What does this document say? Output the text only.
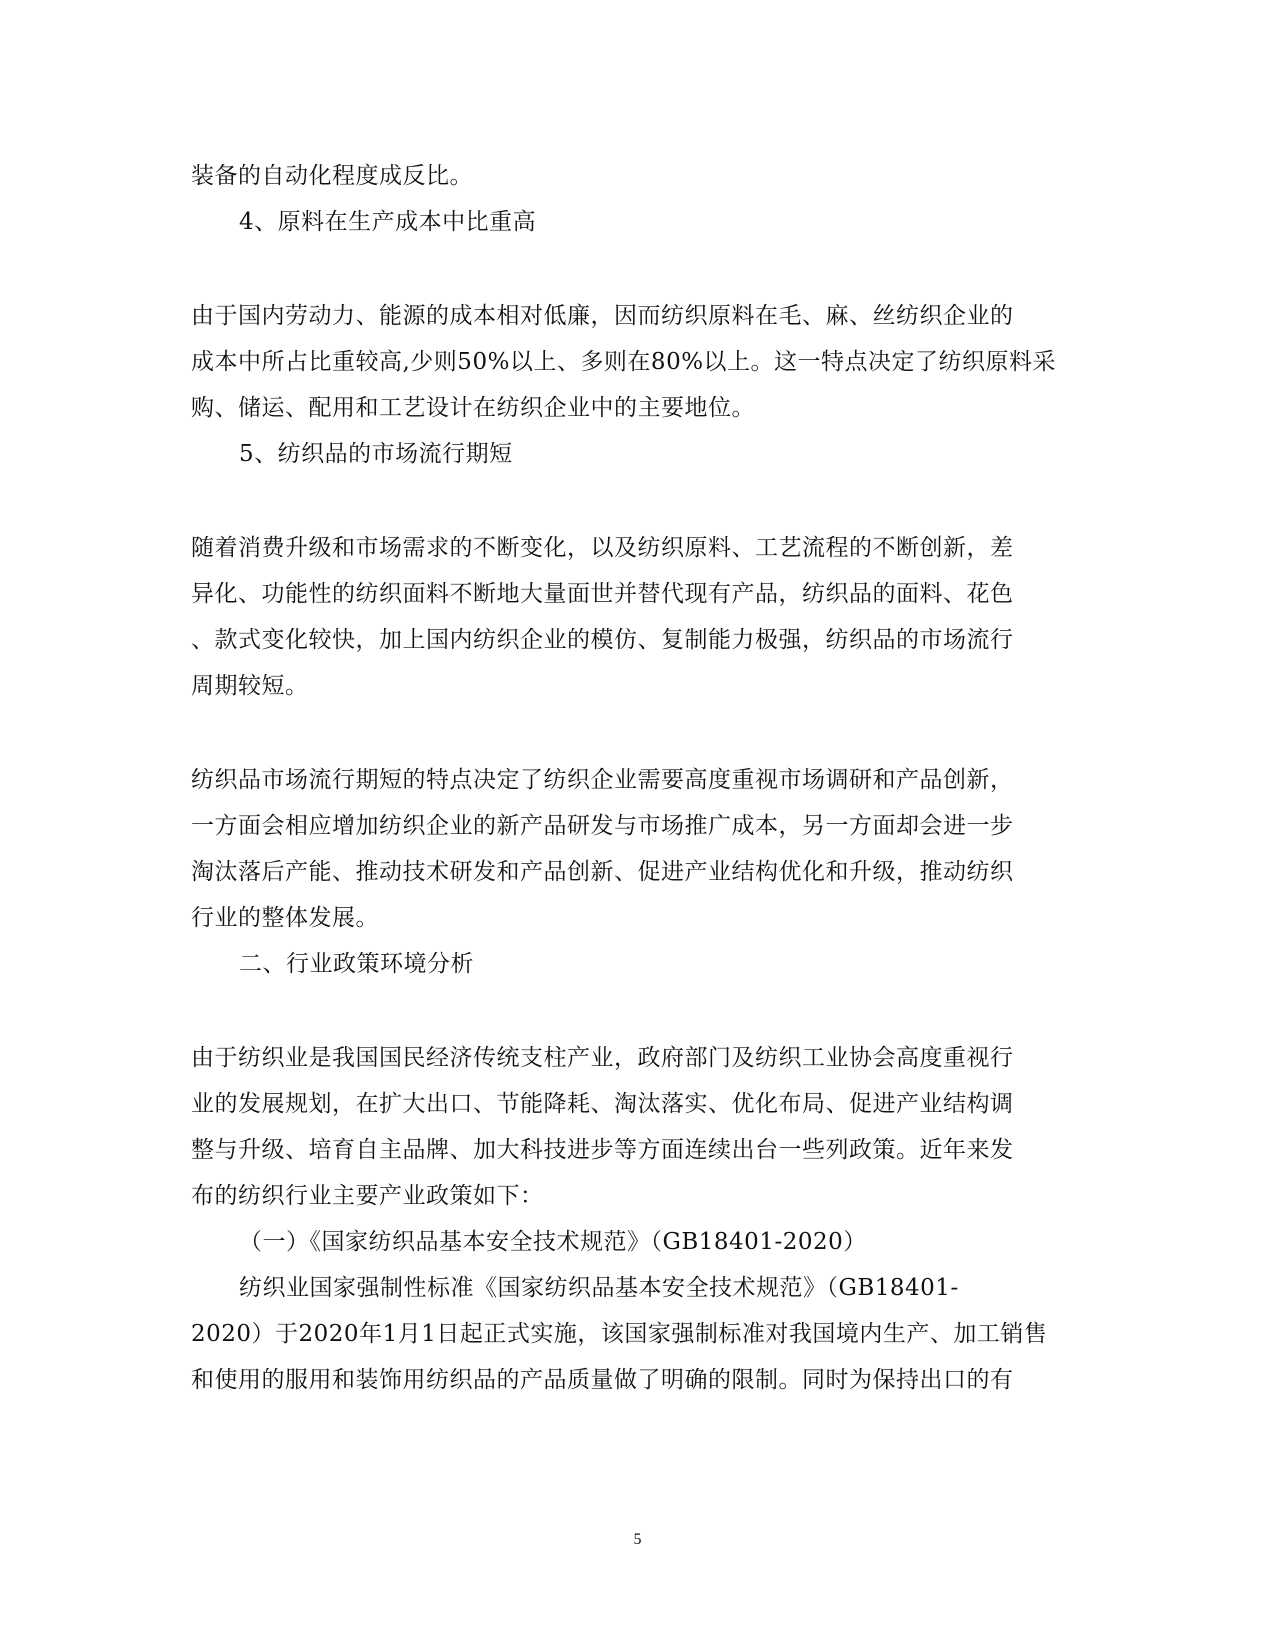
装备的自动化程度成反比。
4、原料在生产成本中比重高
由于国内劳动力、能源的成本相对低廉，因而纺织原料在毛、麻、丝纺织企业的
成本中所占比重较高,少则50%以上、多则在80%以上。这一特点决定了纺织原料采
购、储运、配用和工艺设计在纺织企业中的主要地位。
5、纺织品的市场流行期短
随着消费升级和市场需求的不断变化，以及纺织原料、工艺流程的不断创新，差
异化、功能性的纺织面料不断地大量面世并替代现有产品，纺织品的面料、花色
、款式变化较快，加上国内纺织企业的模仿、复制能力极强，纺织品的市场流行
周期较短。
纺织品市场流行期短的特点决定了纺织企业需要高度重视市场调研和产品创新，
一方面会相应增加纺织企业的新产品研发与市场推广成本，另一方面却会进一步
淘汰落后产能、推动技术研发和产品创新、促进产业结构优化和升级，推动纺织
行业的整体发展。
二、行业政策环境分析
由于纺织业是我国国民经济传统支柱产业，政府部门及纺织工业协会高度重视行
业的发展规划，在扩大出口、节能降耗、淘汰落实、优化布局、促进产业结构调
整与升级、培育自主品牌、加大科技进步等方面连续出台一些列政策。近年来发
布的纺织行业主要产业政策如下：
（一）《国家纺织品基本安全技术规范》（GB18401-2020）
纺织业国家强制性标准《国家纺织品基本安全技术规范》（GB18401-
2020）于2020年1月1日起正式实施，该国家强制标准对我国境内生产、加工销售
和使用的服用和装饰用纺织品的产品质量做了明确的限制。同时为保持出口的有
5
